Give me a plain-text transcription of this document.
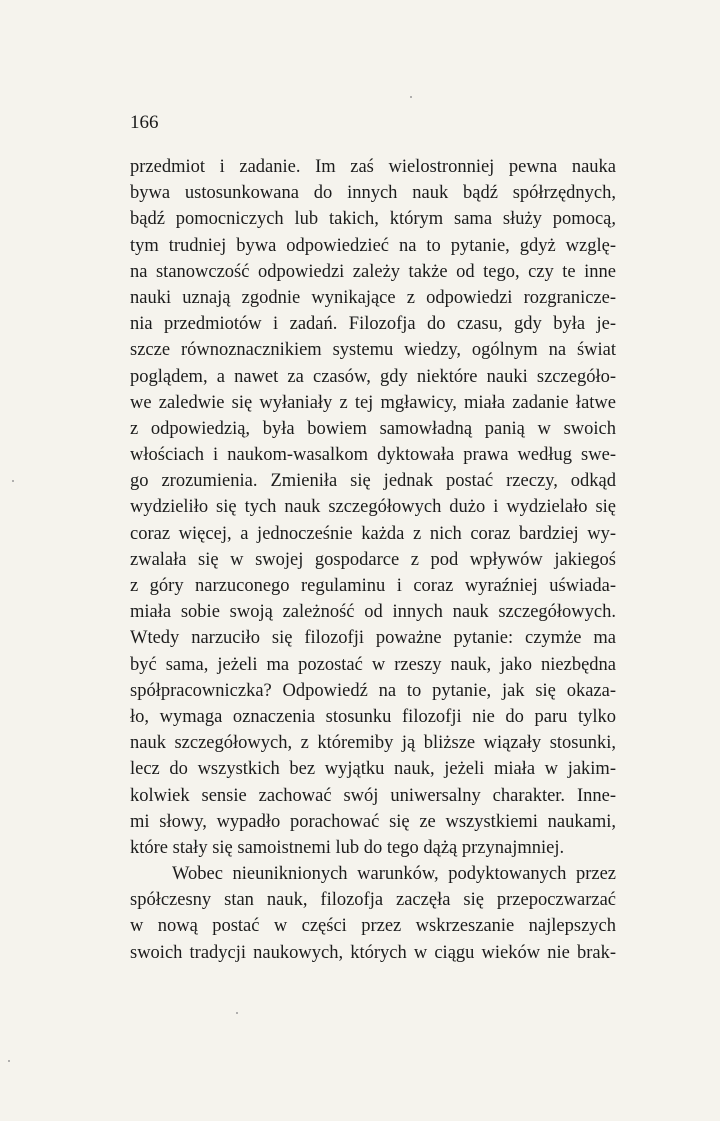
166
przedmiot i zadanie. Im zaś wielostronniej pewna nauka
bywa ustosunkowana do innych nauk bądź spółrzędnych,
bądź pomocniczych lub takich, którym sama służy pomocą,
tym trudniej bywa odpowiedzieć na to pytanie, gdyż wzglę-
na stanowczość odpowiedzi zależy także od tego, czy te inne
nauki uznają zgodnie wynikające z odpowiedzi rozgranicze-
nia przedmiotów i zadań. Filozofja do czasu, gdy była je-
szcze równoznacznikiem systemu wiedzy, ogólnym na świat
poglądem, a nawet za czasów, gdy niektóre nauki szczegóło-
we zaledwie się wyłaniały z tej mgławicy, miała zadanie łatwe
z odpowiedzią, była bowiem samowładną panią w swoich
włościach i naukom-wasalkom dyktowała prawa według swe-
go zrozumienia. Zmieniła się jednak postać rzeczy, odkąd
wydzieliło się tych nauk szczegółowych dużo i wydzielało się
coraz więcej, a jednocześnie każda z nich coraz bardziej wy-
zwalała się w swojej gospodarce z pod wpływów jakiegoś
z góry narzuconego regulaminu i coraz wyraźniej uświada-
miała sobie swoją zależność od innych nauk szczegółowych.
Wtedy narzuciło się filozofji poważne pytanie: czymże ma
być sama, jeżeli ma pozostać w rzeszy nauk, jako niezbędna
spółpracowniczka? Odpowiedź na to pytanie, jak się okaza-
ło, wymaga oznaczenia stosunku filozofji nie do paru tylko
nauk szczegółowych, z któremiby ją bliższe wiązały stosunki,
lecz do wszystkich bez wyjątku nauk, jeżeli miała w jakim-
kolwiek sensie zachować swój uniwersalny charakter. Inne-
mi słowy, wypadło porachować się ze wszystkiemi naukami,
które stały się samoistnemi lub do tego dążą przynajmniej.
Wobec nieuniknionych warunków, podyktowanych przez
spółczesny stan nauk, filozofja zaczęła się przepoczwarzać
w nową postać w części przez wskrzeszanie najlepszych
swoich tradycji naukowych, których w ciągu wieków nie brak-
